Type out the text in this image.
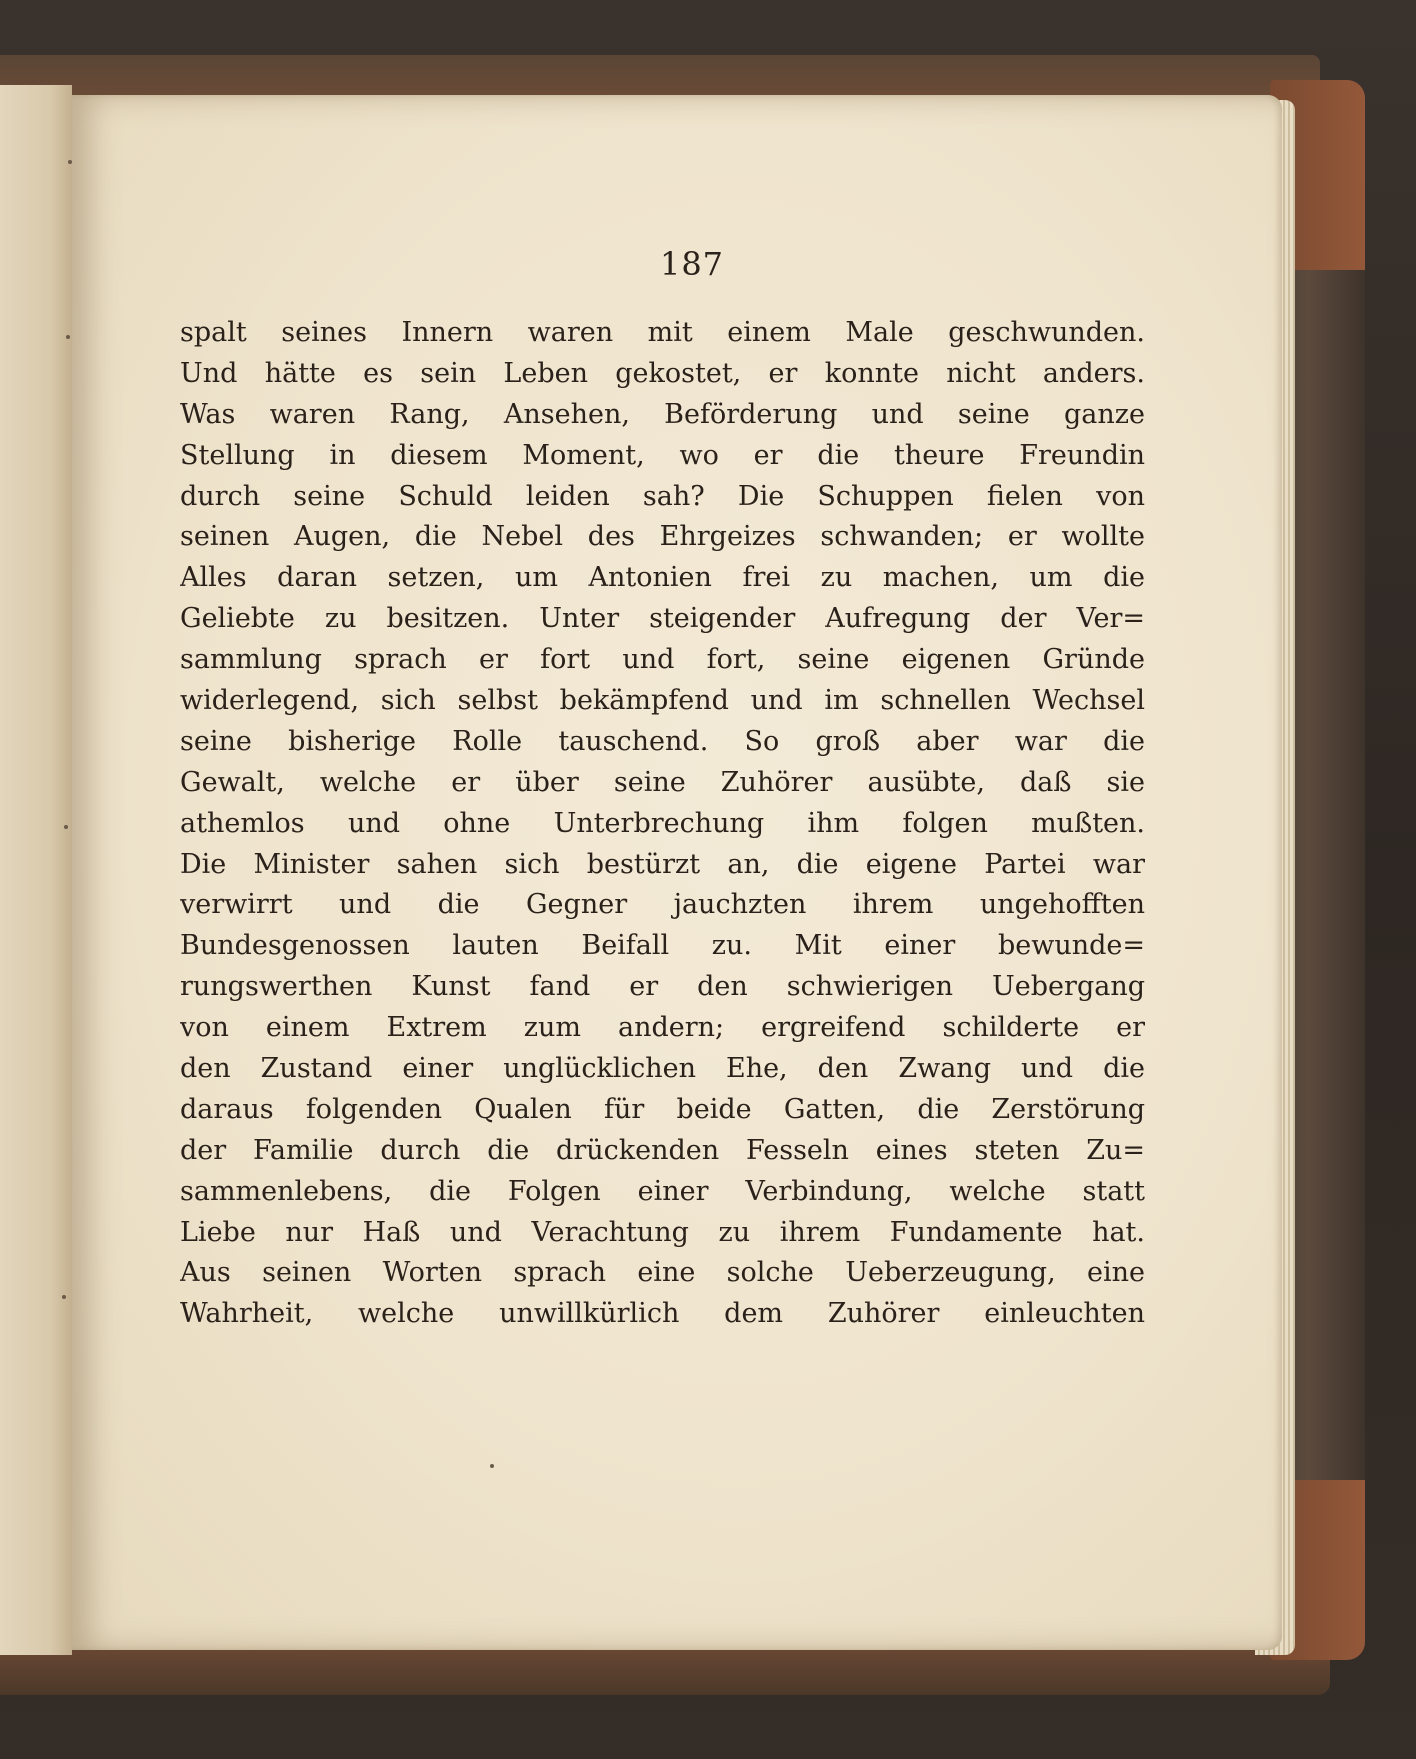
187
spalt seines Innern waren mit einem Male geschwunden.
Und hätte es sein Leben gekostet, er konnte nicht anders.
Was waren Rang, Ansehen, Beförderung und seine ganze
Stellung in diesem Moment, wo er die theure Freundin
durch seine Schuld leiden sah? Die Schuppen fielen von
seinen Augen, die Nebel des Ehrgeizes schwanden; er wollte
Alles daran setzen, um Antonien frei zu machen, um die
Geliebte zu besitzen. Unter steigender Aufregung der Ver=
sammlung sprach er fort und fort, seine eigenen Gründe
widerlegend, sich selbst bekämpfend und im schnellen Wechsel
seine bisherige Rolle tauschend. So groß aber war die
Gewalt, welche er über seine Zuhörer ausübte, daß sie
athemlos und ohne Unterbrechung ihm folgen mußten.
Die Minister sahen sich bestürzt an, die eigene Partei war
verwirrt und die Gegner jauchzten ihrem ungehofften
Bundesgenossen lauten Beifall zu. Mit einer bewunde=
rungswerthen Kunst fand er den schwierigen Uebergang
von einem Extrem zum andern; ergreifend schilderte er
den Zustand einer unglücklichen Ehe, den Zwang und die
daraus folgenden Qualen für beide Gatten, die Zerstörung
der Familie durch die drückenden Fesseln eines steten Zu=
sammenlebens, die Folgen einer Verbindung, welche statt
Liebe nur Haß und Verachtung zu ihrem Fundamente hat.
Aus seinen Worten sprach eine solche Ueberzeugung, eine
Wahrheit, welche unwillkürlich dem Zuhörer einleuchten
